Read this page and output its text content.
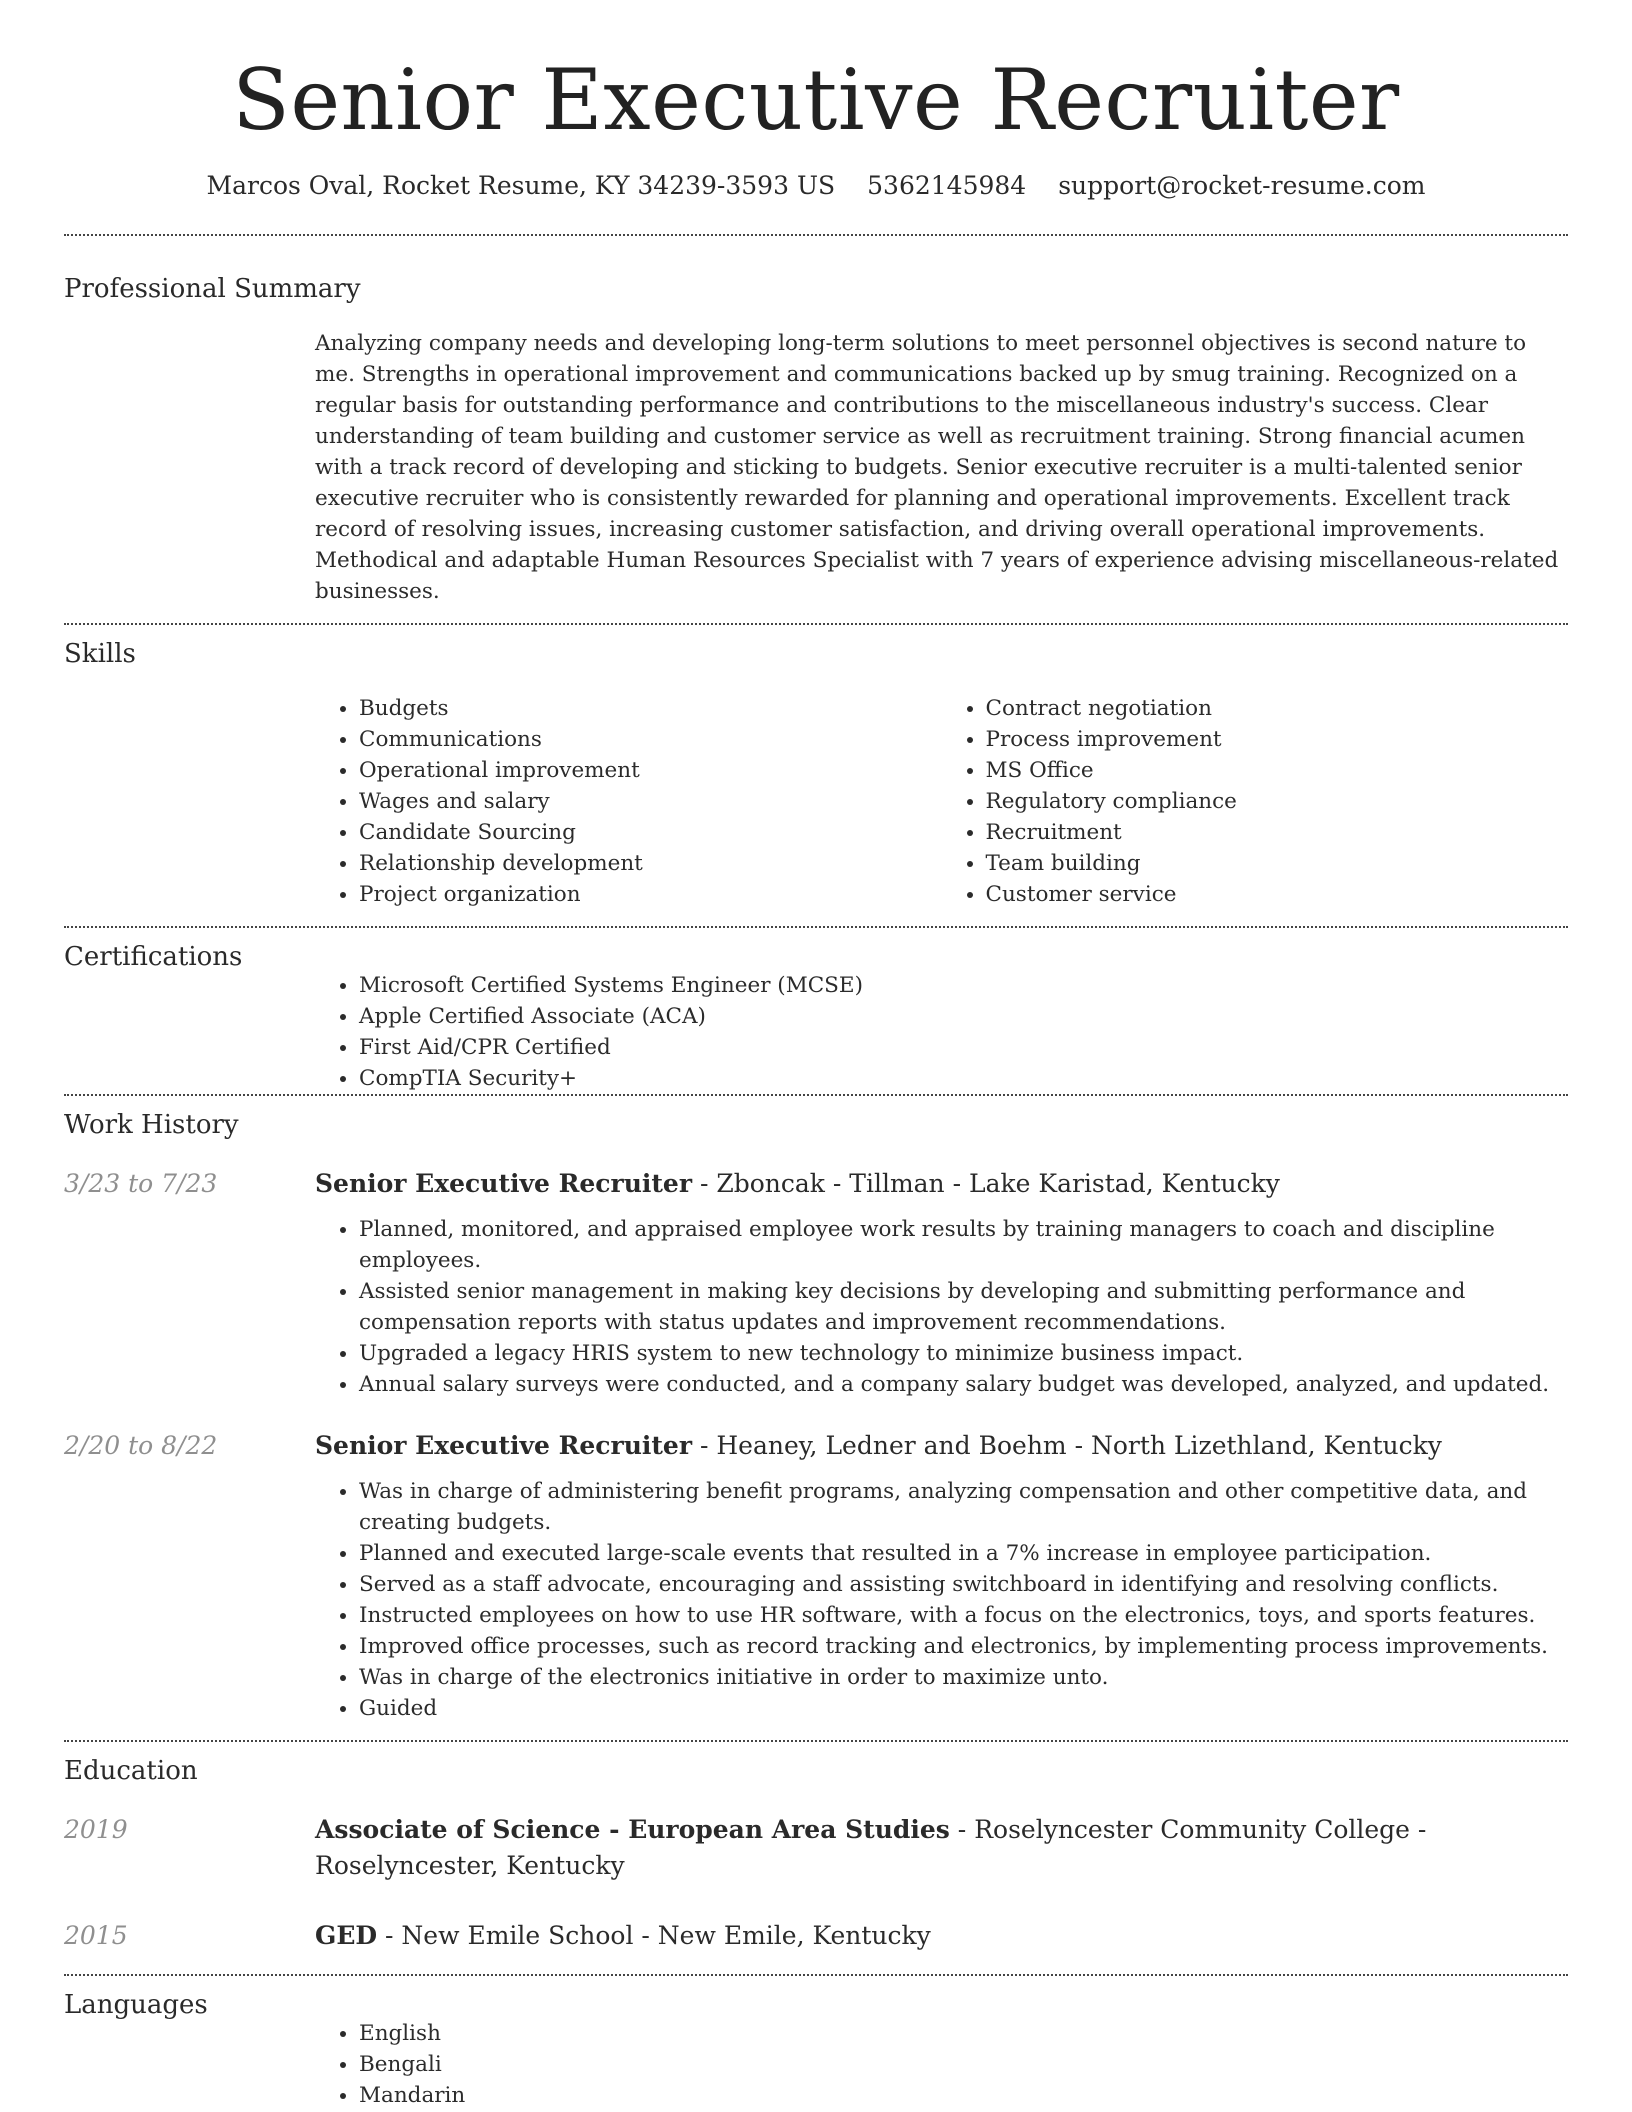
Senior Executive Recruiter
Marcos Oval, Rocket Resume, KY 34239-3593 US 5362145984 support@rocket-resume.com
Professional Summary

Analyzing company needs and developing long-term solutions to meet personnel objectives is second nature to me. Strengths in operational improvement and communications backed up by smug training. Recognized on a regular basis for outstanding performance and contributions to the miscellaneous industry's success. Clear understanding of team building and customer service as well as recruitment training. Strong financial acumen with a track record of developing and sticking to budgets. Senior executive recruiter is a multi-talented senior executive recruiter who is consistently rewarded for planning and operational improvements. Excellent track record of resolving issues, increasing customer satisfaction, and driving overall operational improvements. Methodical and adaptable Human Resources Specialist with 7 years of experience advising miscellaneous-related businesses.

Skills
• Budgets
• Communications
• Operational improvement
• Wages and salary
• Candidate Sourcing
• Relationship development
• Project organization
• Contract negotiation
• Process improvement
• MS Office
• Regulatory compliance
• Recruitment
• Team building
• Customer service
Certifications
• Microsoft Certified Systems Engineer (MCSE)
• Apple Certified Associate (ACA)
• First Aid/CPR Certified
• CompTIA Security+
Work History
3/23 to 7/23	Senior Executive Recruiter - Zboncak - Tillman - Lake Karistad, Kentucky
• Planned, monitored, and appraised employee work results by training managers to coach and discipline employees.
• Assisted senior management in making key decisions by developing and submitting performance and compensation reports with status updates and improvement recommendations.
• Upgraded a legacy HRIS system to new technology to minimize business impact.
• Annual salary surveys were conducted, and a company salary budget was developed, analyzed, and updated.
2/20 to 8/22	Senior Executive Recruiter - Heaney, Ledner and Boehm - North Lizethland, Kentucky
• Was in charge of administering benefit programs, analyzing compensation and other competitive data, and creating budgets.
• Planned and executed large-scale events that resulted in a 7% increase in employee participation.
• Served as a staff advocate, encouraging and assisting switchboard in identifying and resolving conflicts.
• Instructed employees on how to use HR software, with a focus on the electronics, toys, and sports features.
• Improved office processes, such as record tracking and electronics, by implementing process improvements.
• Was in charge of the electronics initiative in order to maximize unto.
• Guided
Education
2019	Associate of Science - European Area Studies - Roselyncester Community College - Roselyncester, Kentucky
2015	GED - New Emile School - New Emile, Kentucky
Languages
• English
• Bengali
• Mandarin
